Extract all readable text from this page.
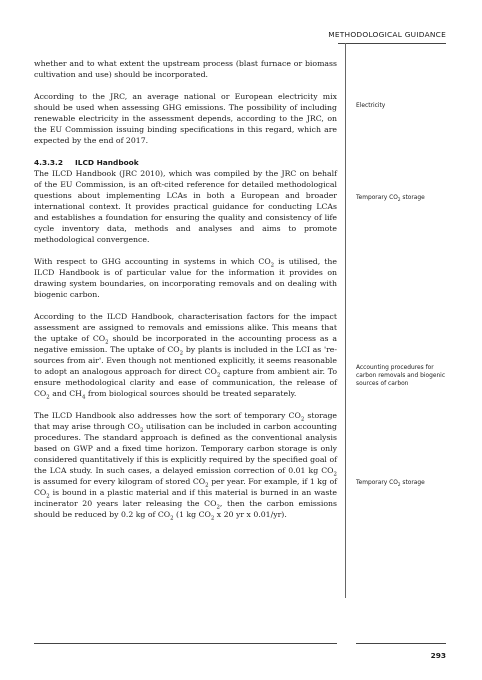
METHODOLOGICAL GUIDANCE

whether and to what extent the upstream process (blast furnace or biomass cultivation and use) should be incorporated.

According to the JRC, an average national or European electricity mix should be used when assessing GHG emissions. The possibility of including renewable electricity in the assessment depends, according to the JRC, on the EU Commission issuing binding specifications in this regard, which are expected by the end of 2017.

4.3.3.2 ILCD Handbook

The ILCD Handbook (JRC 2010), which was compiled by the JRC on behalf of the EU Commission, is an oft-cited reference for detailed methodological questions about implementing LCAs in both a European and broader international context. It provides practical guidance for conducting LCAs and establishes a foundation for ensuring the quality and consistency of life cycle inventory data, methods and analyses and aims to promote methodological convergence.

With respect to GHG accounting in systems in which $CO_2$ is utilised, the ILCD Handbook is of particular value for the information it provides on drawing system boundaries, on incorporating removals and on dealing with biogenic carbon.

According to the ILCD Handbook, characterisation factors for the impact assessment are assigned to removals and emissions alike. This means that the uptake of $CO_2$ should be incorporated in the accounting process as a negative emission. The uptake of $CO_2$ by plants is included in the LCI as 're-sources from air'. Even though not mentioned explicitly, it seems reasonable to adopt an analogous approach for direct $CO_2$ capture from ambient air. To ensure methodological clarity and ease of communication, the release of $CO_2$ and $CH_4$ from biological sources should be treated separately.

The ILCD Handbook also addresses how the sort of temporary $CO_2$ storage that may arise through $CO_2$ utilisation can be included in carbon accounting procedures. The standard approach is defined as the conventional analysis based on GWP and a fixed time horizon. Temporary carbon storage is only considered quantitatively if this is explicitly required by the specified goal of the LCA study. In such cases, a delayed emission correction of 0.01 kg $CO_2$ is assumed for every kilogram of stored $CO_2$ per year. For example, if 1 kg of $CO_2$ is bound in a plastic material and if this material is burned in an waste incinerator 20 years later releasing the $CO_2$, then the carbon emissions should be reduced by 0.2 kg of $CO_2$ (1 kg $CO_2$ x 20 yr x 0.01/yr).

Electricity
Temporary $CO_2$ storage
Accounting procedures for carbon removals and biogenic sources of carbon
Temporary $CO_2$ storage
293
